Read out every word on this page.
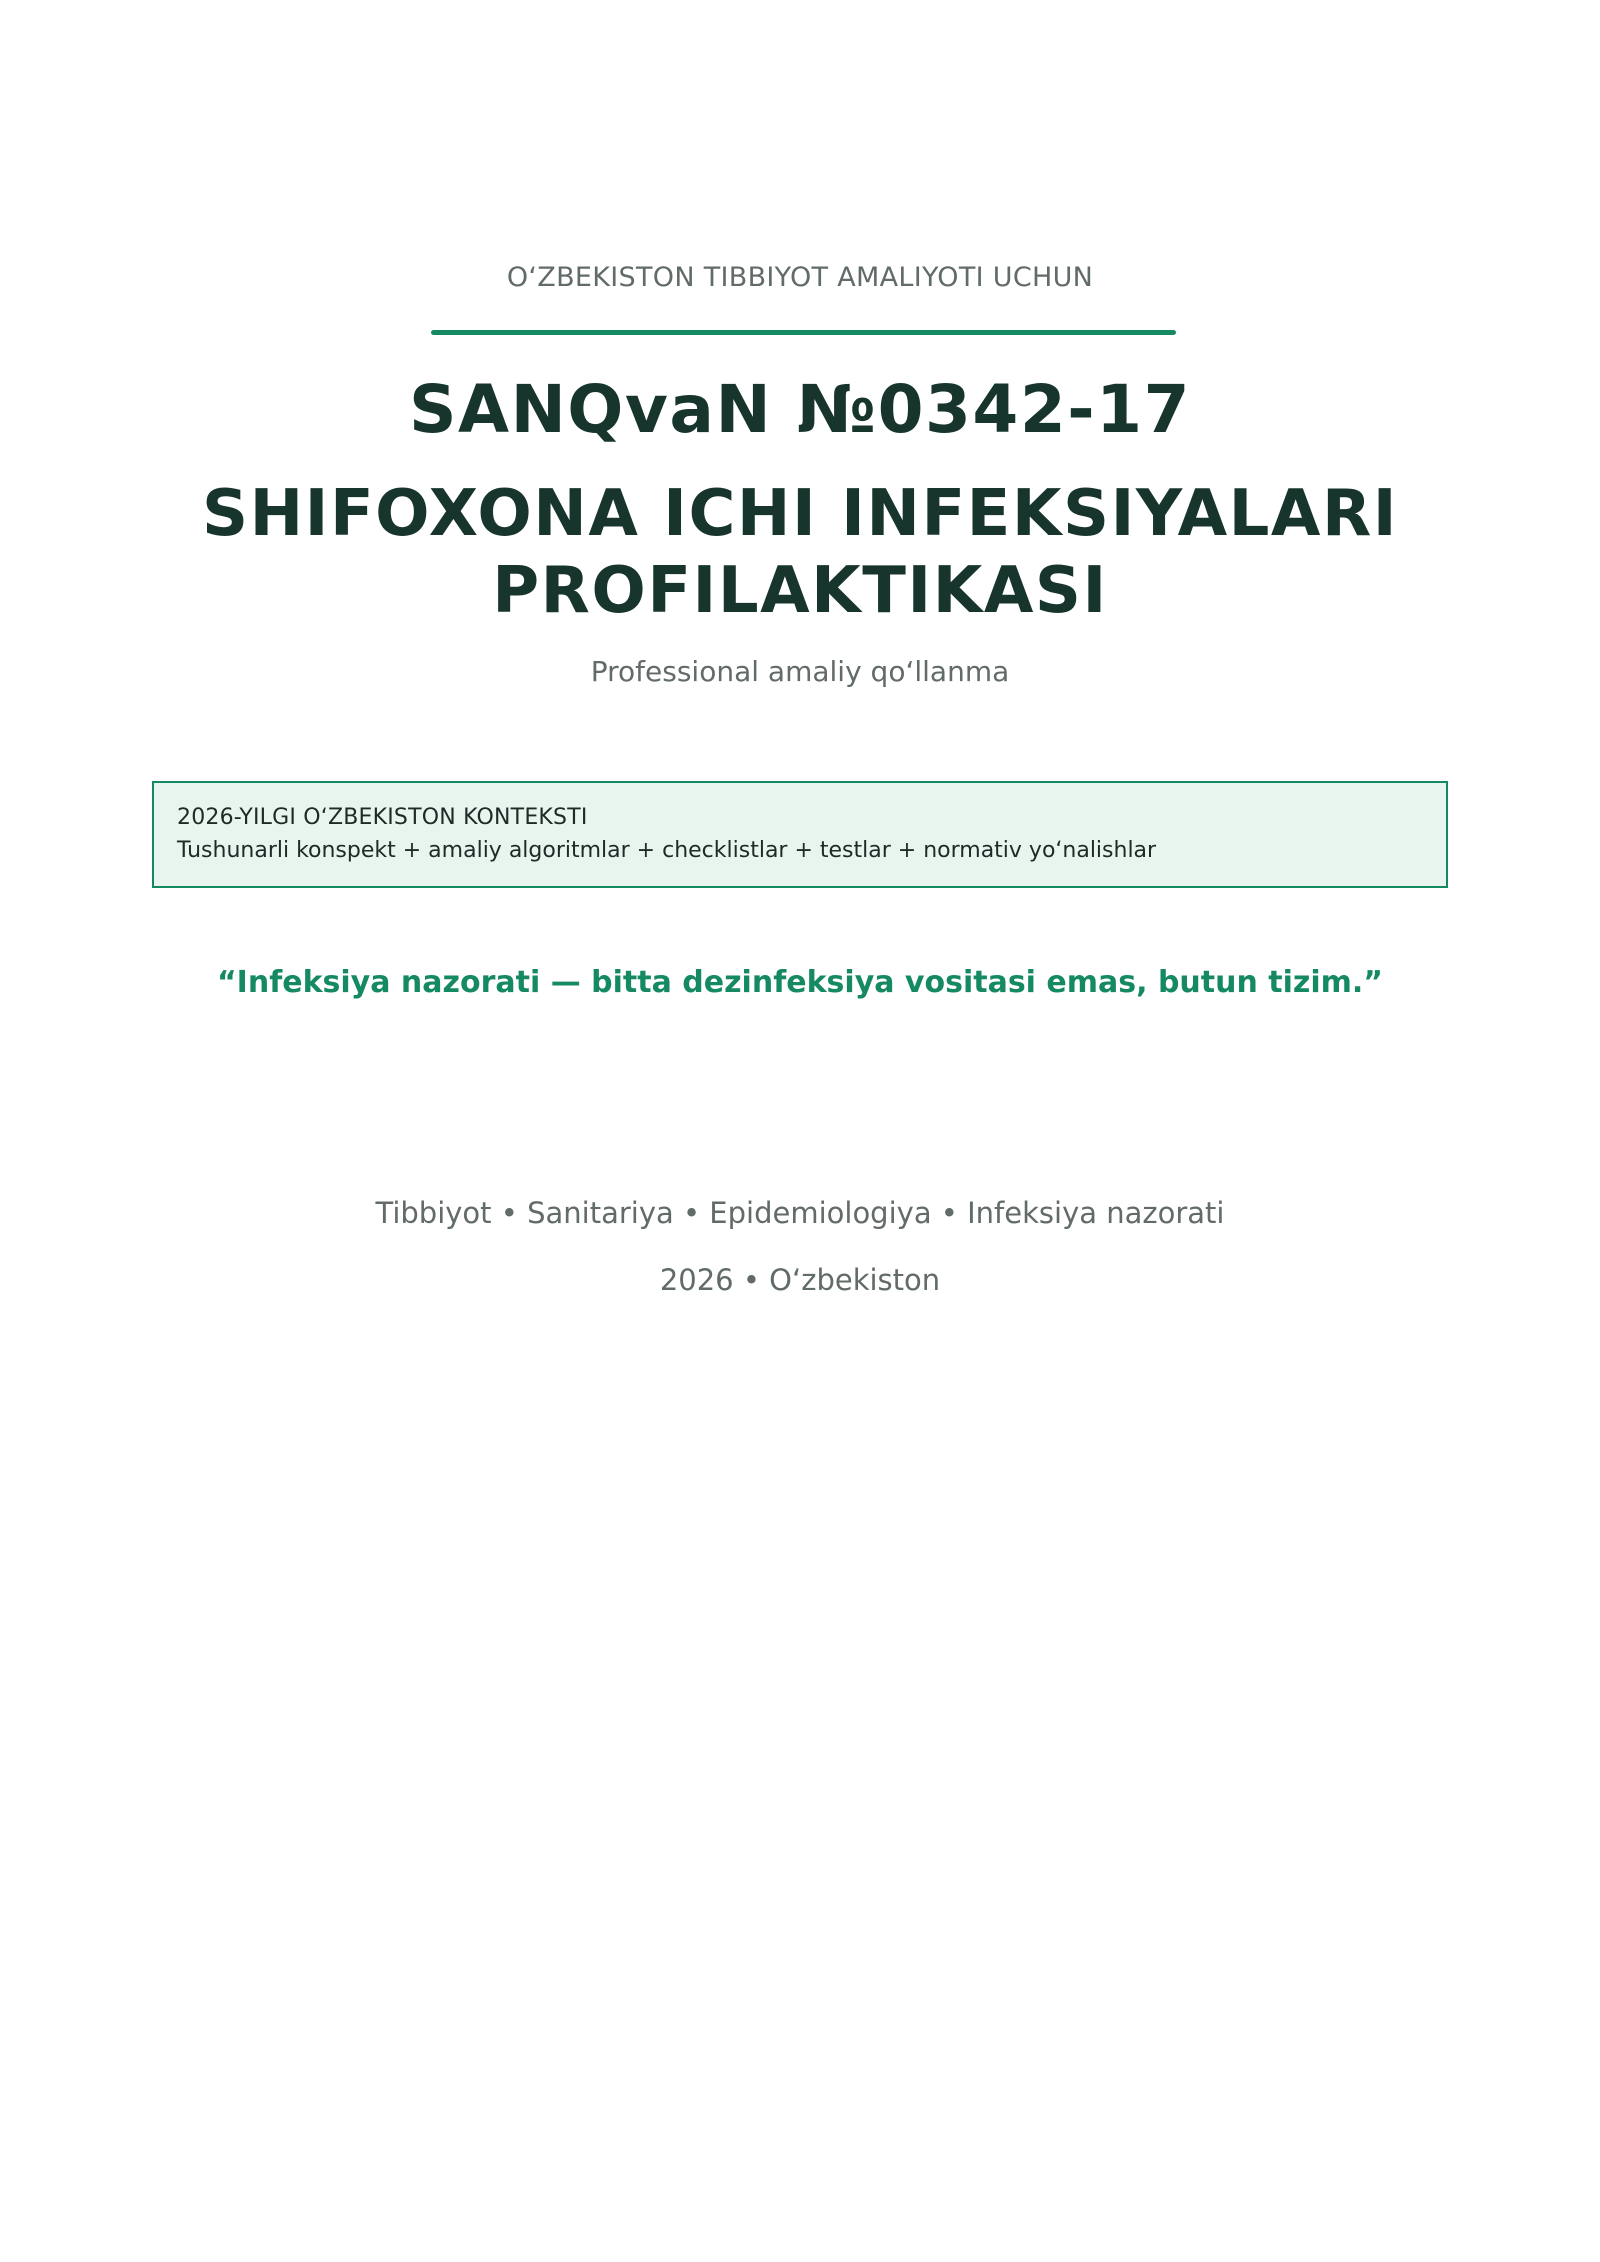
O‘ZBEKISTON TIBBIYOT AMALIYOTI UCHUN
SANQvaN №0342-17
SHIFOXONA ICHI INFEKSIYALARI
PROFILAKTIKASI
Professional amaliy qo‘llanma
2026-YILGI O‘ZBEKISTON KONTEKSTI
Tushunarli konspekt + amaliy algoritmlar + checklistlar + testlar + normativ yo‘nalishlar
“Infeksiya nazorati — bitta dezinfeksiya vositasi emas, butun tizim.”
Tibbiyot • Sanitariya • Epidemiologiya • Infeksiya nazorati
2026 • O‘zbekiston
